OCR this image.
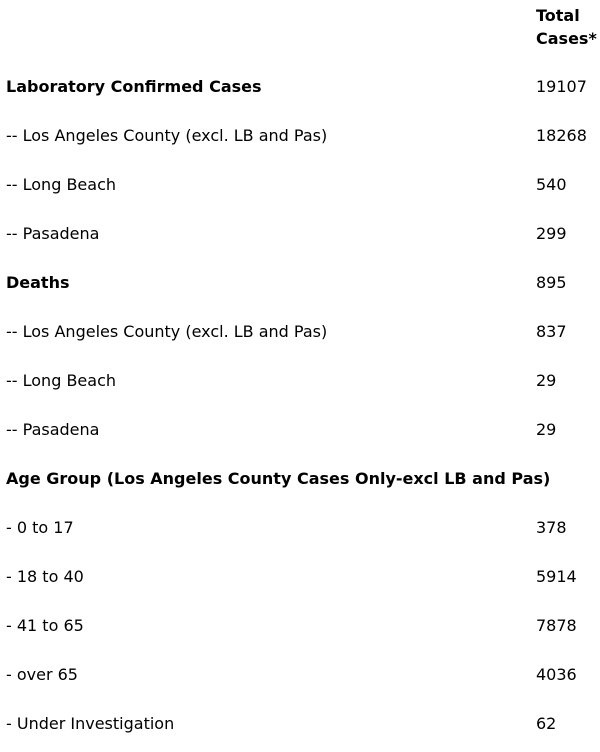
Total
Cases*
Laboratory Confirmed Cases	19107
-- Los Angeles County (excl. LB and Pas)	18268
-- Long Beach	540
-- Pasadena	299
Deaths	895
-- Los Angeles County (excl. LB and Pas)	837
-- Long Beach	29
-- Pasadena	29
Age Group (Los Angeles County Cases Only-excl LB and Pas)
- 0 to 17	378
- 18 to 40	5914
- 41 to 65	7878
- over 65	4036
- Under Investigation	62
